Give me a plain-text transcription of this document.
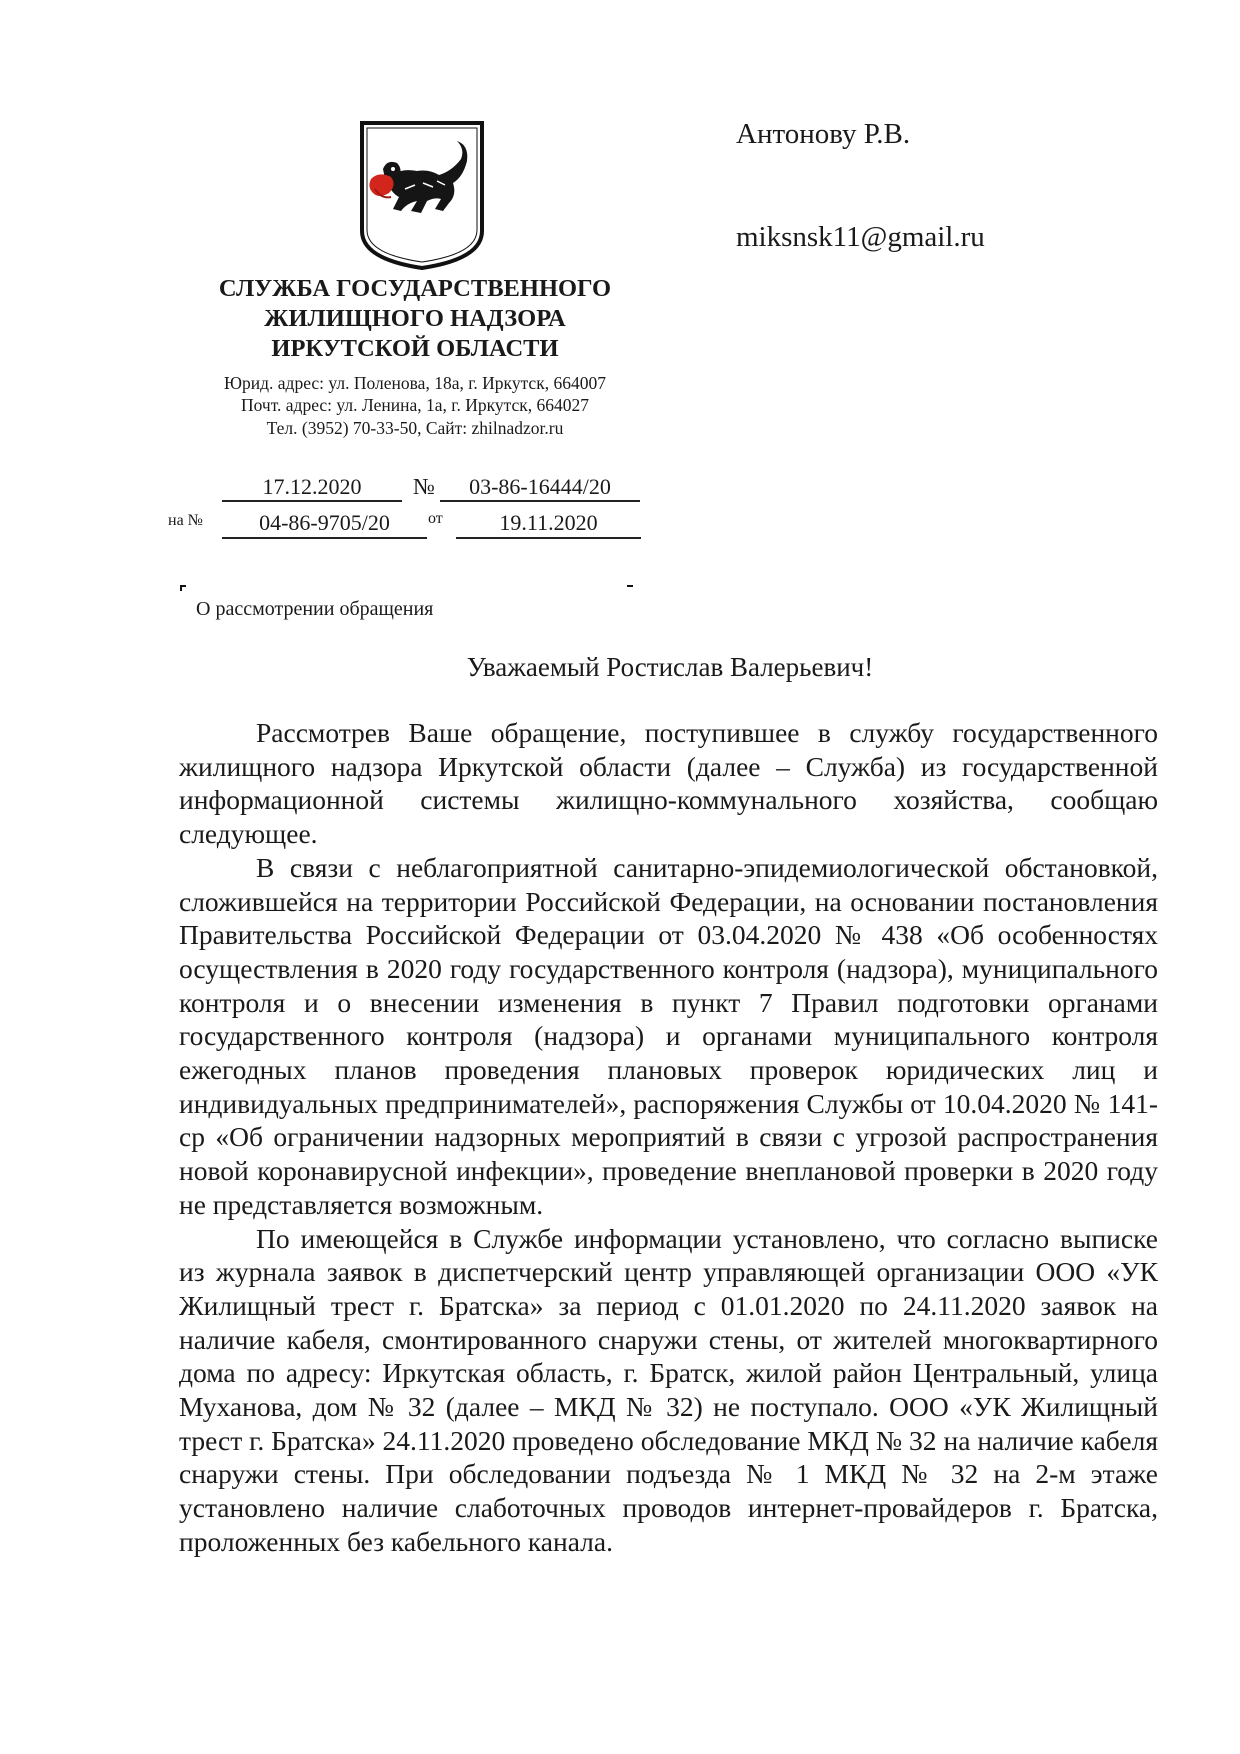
Антонову Р.В.
miksnsk11@gmail.ru
СЛУЖБА ГОСУДАРСТВЕННОГО
ЖИЛИЩНОГО НАДЗОРА
ИРКУТСКОЙ ОБЛАСТИ
Юрид. адрес: ул. Поленова, 18а, г. Иркутск, 664007
Почт. адрес: ул. Ленина, 1а, г. Иркутск, 664027
Тел. (3952) 70-33-50, Сайт: zhilnadzor.ru
17.12.2020	№	03-86-16444/20
на №	04-86-9705/20	от	19.11.2020
О рассмотрении обращения
Уважаемый Ростислав Валерьевич!

Рассмотрев Ваше обращение, поступившее в службу государственного жилищного надзора Иркутской области (далее – Служба) из государственной информационной системы жилищно-коммунального хозяйства, сообщаю следующее.

В связи с неблагоприятной санитарно-эпидемиологической обстановкой, сложившейся на территории Российской Федерации, на основании постановления Правительства Российской Федерации от 03.04.2020 № 438 «Об особенностях осуществления в 2020 году государственного контроля (надзора), муниципального контроля и о внесении изменения в пункт 7 Правил подготовки органами государственного контроля (надзора) и органами муниципального контроля ежегодных планов проведения плановых проверок юридических лиц и индивидуальных предпринимателей», распоряжения Службы от 10.04.2020 № 141-ср «Об ограничении надзорных мероприятий в связи с угрозой распространения новой коронавирусной инфекции», проведение внеплановой проверки в 2020 году не представляется возможным.

По имеющейся в Службе информации установлено, что согласно выписке из журнала заявок в диспетчерский центр управляющей организации ООО «УК Жилищный трест г. Братска» за период с 01.01.2020 по 24.11.2020 заявок на наличие кабеля, смонтированного снаружи стены, от жителей многоквартирного дома по адресу: Иркутская область, г. Братск, жилой район Центральный, улица Муханова, дом № 32 (далее – МКД № 32) не поступало. ООО «УК Жилищный трест г. Братска» 24.11.2020 проведено обследование МКД № 32 на наличие кабеля снаружи стены. При обследовании подъезда № 1 МКД № 32 на 2-м этаже установлено наличие слаботочных проводов интернет-провайдеров г. Братска, проложенных без кабельного канала.
